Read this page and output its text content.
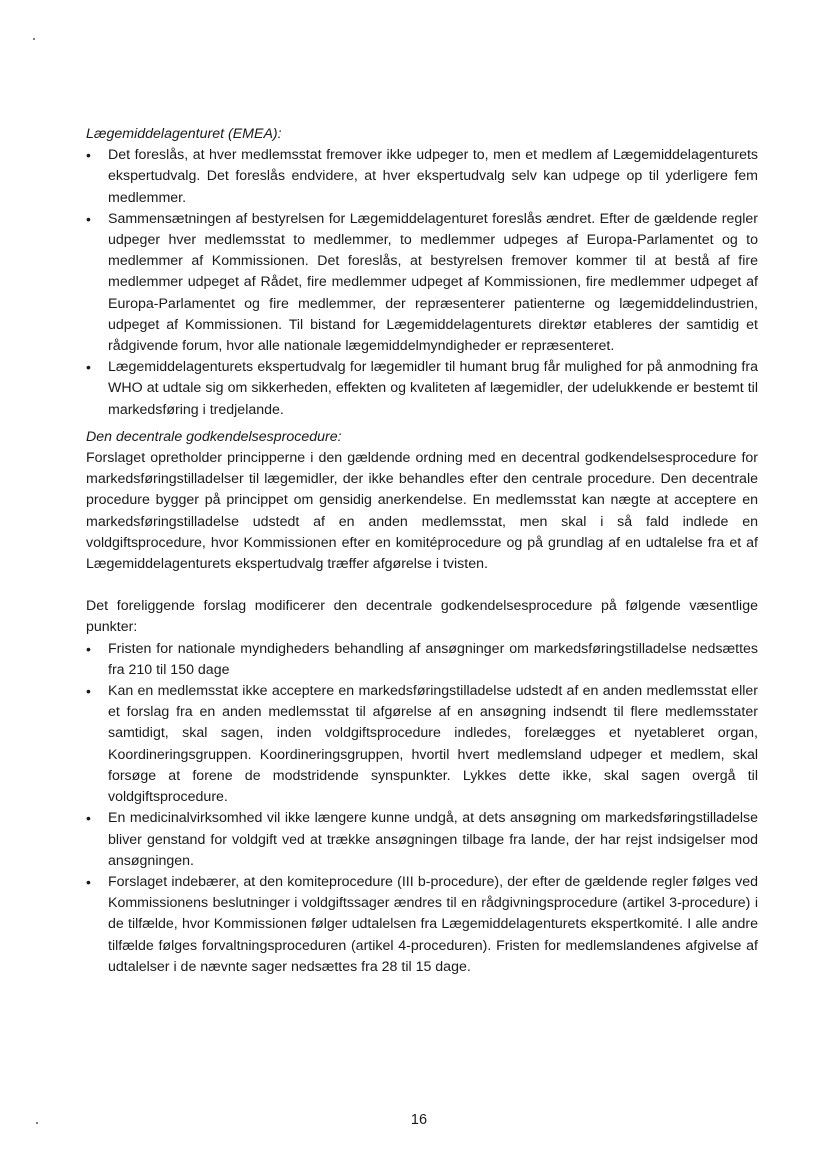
Lægemiddelagenturet (EMEA):

• Det foreslås, at hver medlemsstat fremover ikke udpeger to, men et medlem af Lægemiddelagenturets ekspertudvalg. Det foreslås endvidere, at hver ekspertudvalg selv kan udpege op til yderligere fem medlemmer.
• Sammensætningen af bestyrelsen for Lægemiddelagenturet foreslås ændret. Efter de gældende regler udpeger hver medlemsstat to medlemmer, to medlemmer udpeges af Europa-Parlamentet og to medlemmer af Kommissionen. Det foreslås, at bestyrelsen fremover kommer til at bestå af fire medlemmer udpeget af Rådet, fire medlemmer udpeget af Kommissionen, fire medlemmer udpeget af Europa-Parlamentet og fire medlemmer, der repræsenterer patienterne og lægemiddelindustrien, udpeget af Kommissionen. Til bistand for Lægemiddelagenturets direktør etableres der samtidig et rådgivende forum, hvor alle nationale lægemiddelmyndigheder er repræsenteret.
• Lægemiddelagenturets ekspertudvalg for lægemidler til humant brug får mulighed for på anmodning fra WHO at udtale sig om sikkerheden, effekten og kvaliteten af lægemidler, der udelukkende er bestemt til markedsføring i tredjelande.

Den decentrale godkendelsesprocedure:

Forslaget opretholder principperne i den gældende ordning med en decentral godkendelsesprocedure for markedsføringstilladelser til lægemidler, der ikke behandles efter den centrale procedure. Den decentrale procedure bygger på princippet om gensidig anerkendelse. En medlemsstat kan nægte at acceptere en markedsføringstilladelse udstedt af en anden medlemsstat, men skal i så fald indlede en voldgiftsprocedure, hvor Kommissionen efter en komitéprocedure og på grundlag af en udtalelse fra et af Lægemiddelagenturets ekspertudvalg træffer afgørelse i tvisten.

Det foreliggende forslag modificerer den decentrale godkendelsesprocedure på følgende væsentlige punkter:

• Fristen for nationale myndigheders behandling af ansøgninger om markedsføringstilladelse nedsættes fra 210 til 150 dage
• Kan en medlemsstat ikke acceptere en markedsføringstilladelse udstedt af en anden medlemsstat eller et forslag fra en anden medlemsstat til afgørelse af en ansøgning indsendt til flere medlemsstater samtidigt, skal sagen, inden voldgiftsprocedure indledes, forelægges et nyetableret organ, Koordineringsgruppen. Koordineringsgruppen, hvortil hvert medlemsland udpeger et medlem, skal forsøge at forene de modstridende synspunkter. Lykkes dette ikke, skal sagen overgå til voldgiftsprocedure.
• En medicinalvirksomhed vil ikke længere kunne undgå, at dets ansøgning om markedsføringstilladelse bliver genstand for voldgift ved at trække ansøgningen tilbage fra lande, der har rejst indsigelser mod ansøgningen.
• Forslaget indebærer, at den komiteprocedure (III b-procedure), der efter de gældende regler følges ved Kommissionens beslutninger i voldgiftssager ændres til en rådgivningsprocedure (artikel 3-procedure) i de tilfælde, hvor Kommissionen følger udtalelsen fra Lægemiddelagenturets ekspertkomité. I alle andre tilfælde følges forvaltningsproceduren (artikel 4-proceduren). Fristen for medlemslandenes afgivelse af udtalelser i de nævnte sager nedsættes fra 28 til 15 dage.
16
